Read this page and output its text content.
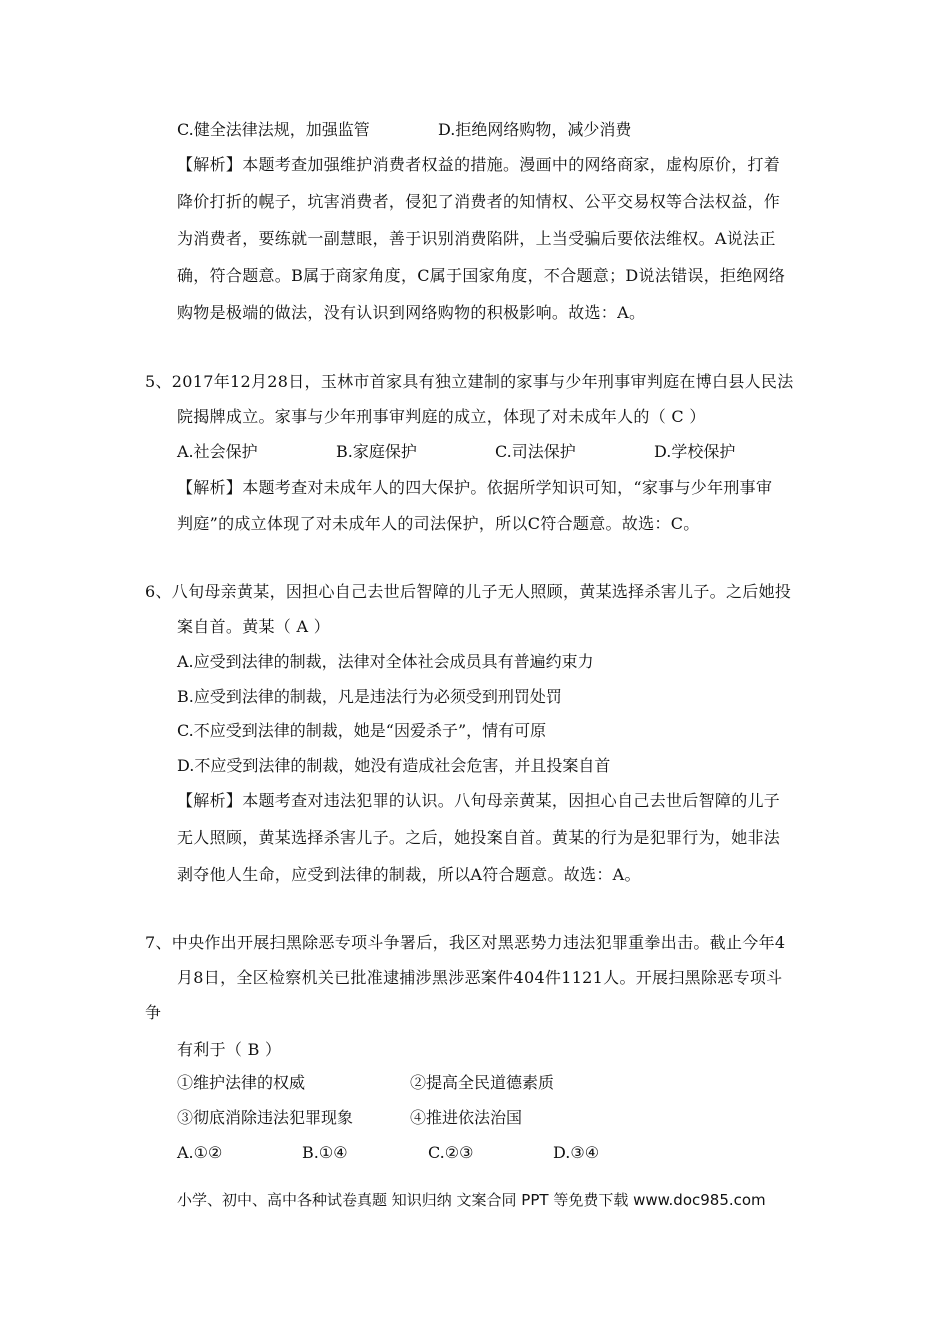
C.健全法律法规，加强监管	D.拒绝网络购物，减少消费
【解析】本题考查加强维护消费者权益的措施。漫画中的网络商家，虚构原价，打着
降价打折的幌子，坑害消费者，侵犯了消费者的知情权、公平交易权等合法权益，作
为消费者，要练就一副慧眼，善于识别消费陷阱，上当受骗后要依法维权。A说法正
确，符合题意。B属于商家角度，C属于国家角度，不合题意；D说法错误，拒绝网络
购物是极端的做法，没有认识到网络购物的积极影响。故选：A。
5、2017年12月28日，玉林市首家具有独立建制的家事与少年刑事审判庭在博白县人民法
院揭牌成立。家事与少年刑事审判庭的成立，体现了对未成年人的（ C ）
A.社会保护	B.家庭保护	C.司法保护	D.学校保护
【解析】本题考查对未成年人的四大保护。依据所学知识可知，“家事与少年刑事审
判庭”的成立体现了对未成年人的司法保护，所以C符合题意。故选：C。
6、八旬母亲黄某，因担心自己去世后智障的儿子无人照顾，黄某选择杀害儿子。之后她投
案自首。黄某（ A ）
A.应受到法律的制裁，法律对全体社会成员具有普遍约束力
B.应受到法律的制裁，凡是违法行为必须受到刑罚处罚
C.不应受到法律的制裁，她是“因爱杀子”，情有可原
D.不应受到法律的制裁，她没有造成社会危害，并且投案自首
【解析】本题考查对违法犯罪的认识。八旬母亲黄某，因担心自己去世后智障的儿子
无人照顾，黄某选择杀害儿子。之后，她投案自首。黄某的行为是犯罪行为，她非法
剥夺他人生命，应受到法律的制裁，所以A符合题意。故选：A。
7、中央作出开展扫黑除恶专项斗争署后，我区对黑恶势力违法犯罪重拳出击。截止今年4
月8日，全区检察机关已批准逮捕涉黑涉恶案件404件1121人。开展扫黑除恶专项斗
争
有利于（ B ）
①维护法律的权威	②提高全民道德素质
③彻底消除违法犯罪现象	④推进依法治国
A.①②	B.①④	C.②③	D.③④
小学、初中、高中各种试卷真题 知识归纳 文案合同 PPT 等免费下载 www.doc985.com
